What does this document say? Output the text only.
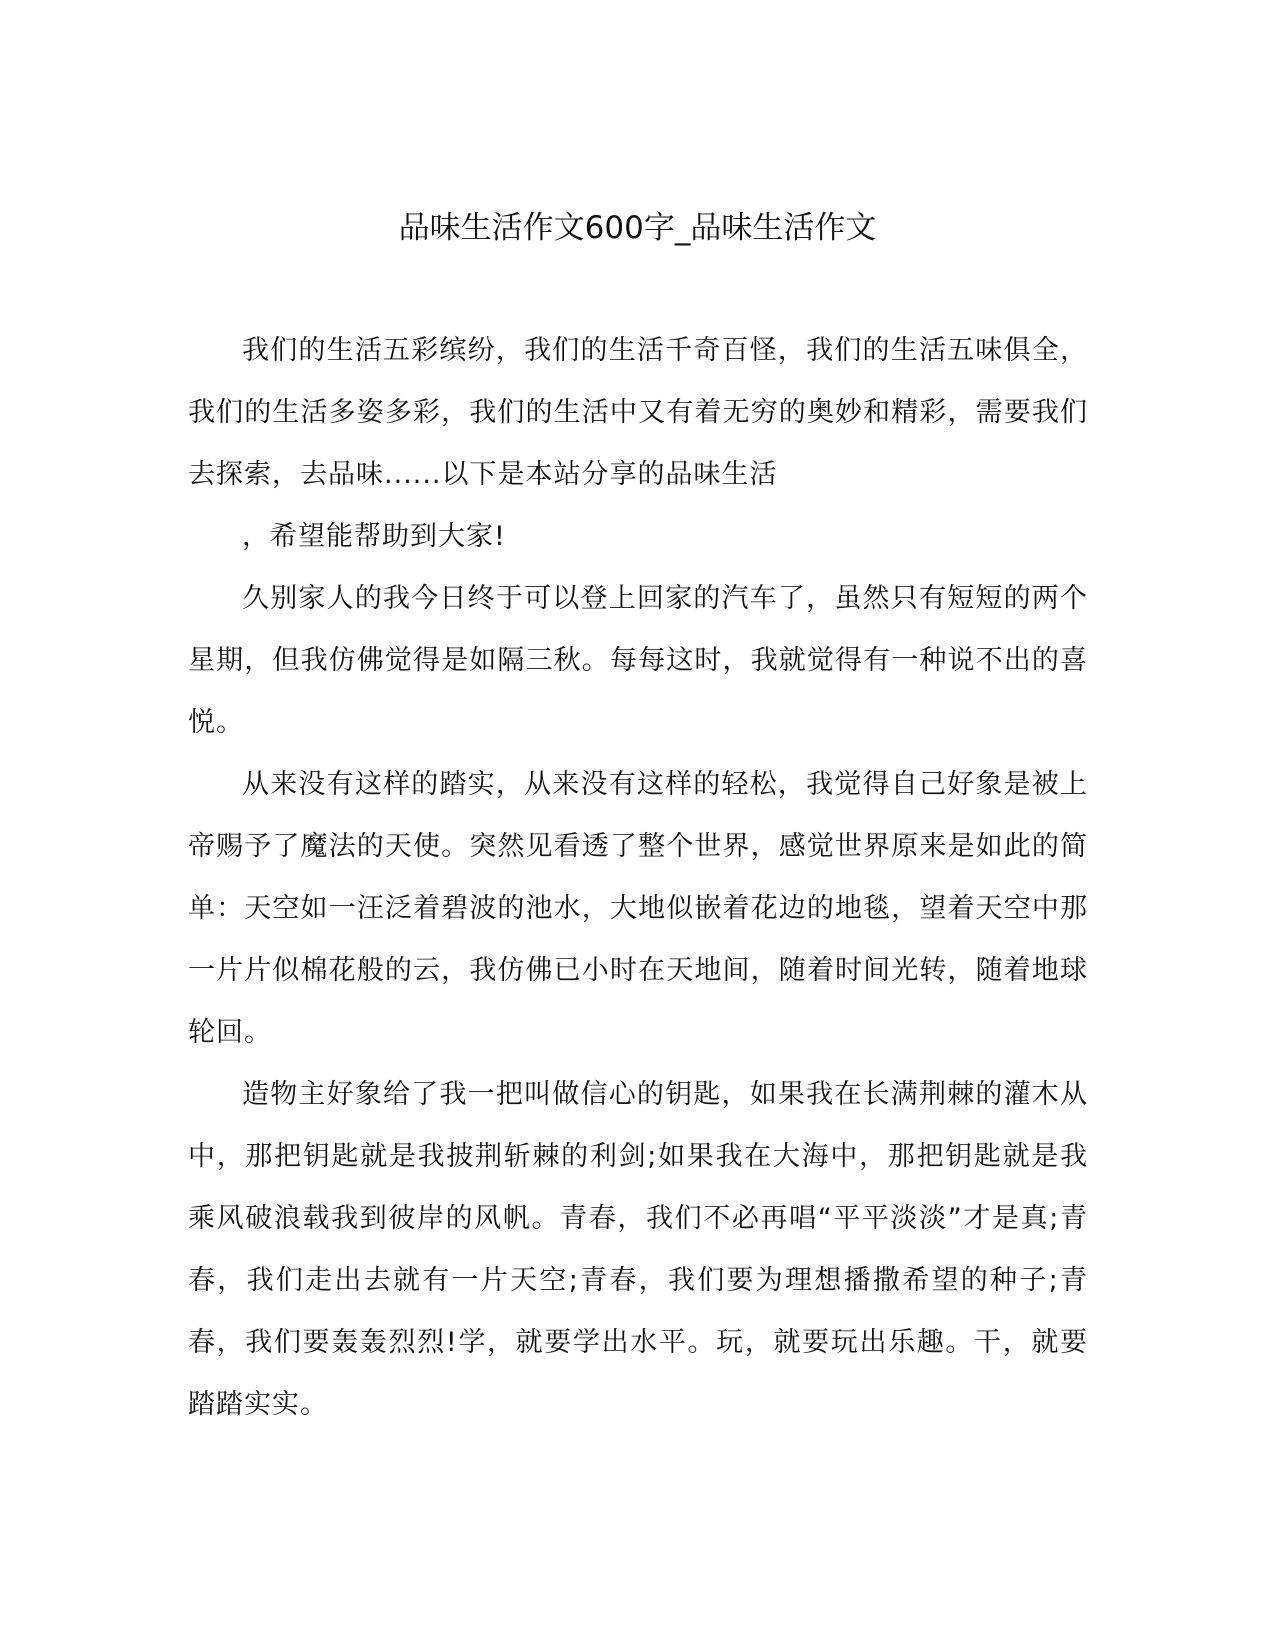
品味生活作文600字_品味生活作文

我们的生活五彩缤纷，我们的生活千奇百怪，我们的生活五味俱全，我们的生活多姿多彩，我们的生活中又有着无穷的奥妙和精彩，需要我们去探索，去品味......以下是本站分享的品味生活

，希望能帮助到大家!

久别家人的我今日终于可以登上回家的汽车了，虽然只有短短的两个星期，但我仿佛觉得是如隔三秋。每每这时，我就觉得有一种说不出的喜悦。

从来没有这样的踏实，从来没有这样的轻松，我觉得自己好象是被上帝赐予了魔法的天使。突然见看透了整个世界，感觉世界原来是如此的简单：天空如一汪泛着碧波的池水，大地似嵌着花边的地毯，望着天空中那一片片似棉花般的云，我仿佛已小时在天地间，随着时间光转，随着地球轮回。

造物主好象给了我一把叫做信心的钥匙，如果我在长满荆棘的灌木从中，那把钥匙就是我披荆斩棘的利剑;如果我在大海中，那把钥匙就是我乘风破浪载我到彼岸的风帆。青春，我们不必再唱“平平淡淡”才是真;青春，我们走出去就有一片天空;青春，我们要为理想播撒希望的种子;青春，我们要轰轰烈烈!学，就要学出水平。玩，就要玩出乐趣。干，就要踏踏实实。
